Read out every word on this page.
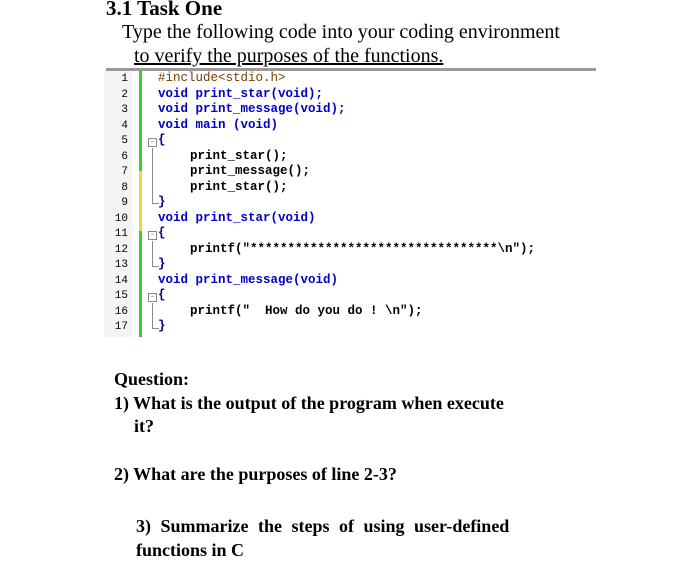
3.1 Task One
Type the following code into your coding environment
to verify the purposes of the functions.
1
2
3
4
5
6
7
8
9
10
11
12
13
14
15
16
17
−
−
−
#include<stdio.h>
void print_star(void);
void print_message(void);
void main (void)
{
print_star();
print_message();
print_star();
}
void print_star(void)
{
printf("*********************************\n");
}
void print_message(void)
{
printf("  How do you do ! \n");
}
Question:
1) What is the output of the program when execute
it?
2) What are the purposes of line 2-3?
3) Summarize the steps of using user-defined
functions in C
